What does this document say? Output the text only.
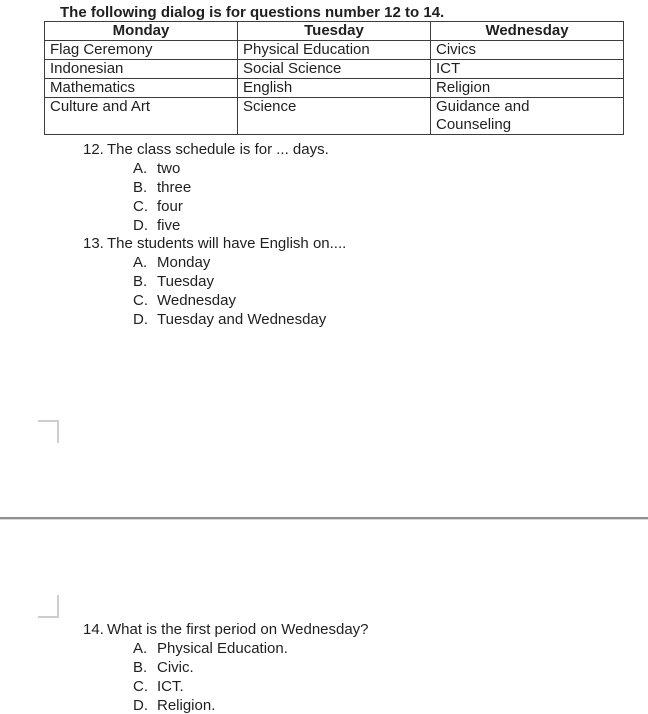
The following dialog is for questions number 12 to 14.
Monday	Tuesday	Wednesday
Flag Ceremony	Physical Education	Civics
Indonesian	Social Science	ICT
Mathematics	English	Religion
Culture and Art	Science	Guidance and Counseling
12. The class schedule is for ... days.
A. two
B. three
C. four
D. five
13. The students will have English on....
A. Monday
B. Tuesday
C. Wednesday
D. Tuesday and Wednesday
14. What is the first period on Wednesday?
A. Physical Education.
B. Civic.
C. ICT.
D. Religion.
